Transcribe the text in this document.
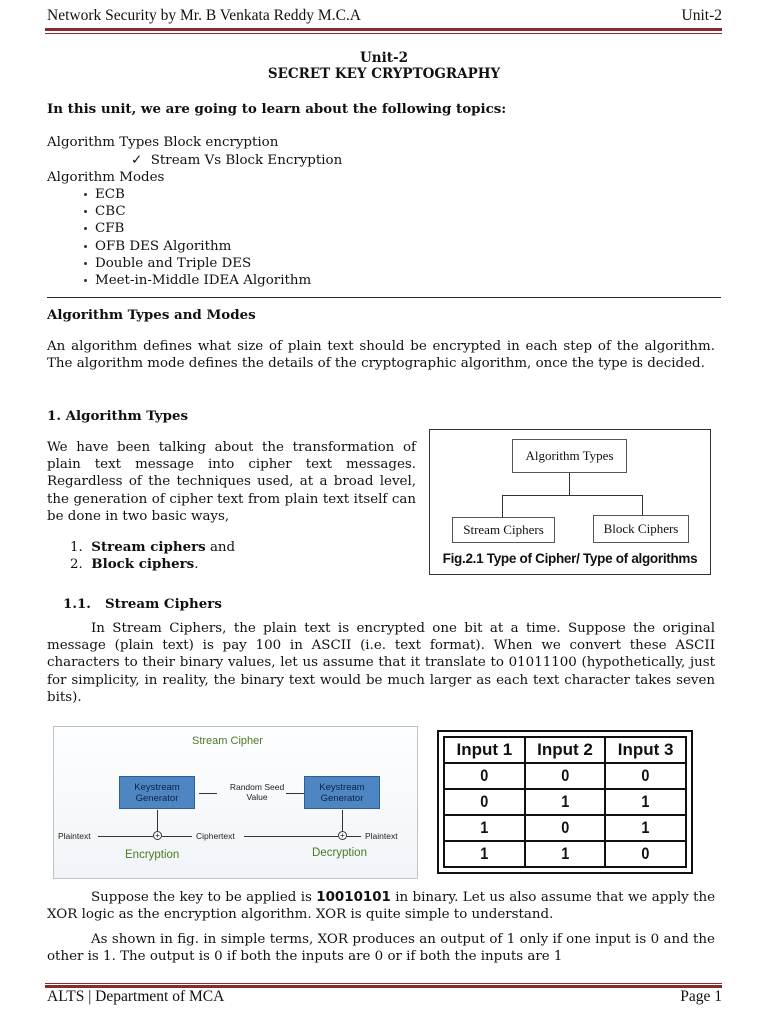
Network Security by Mr. B Venkata Reddy M.C.A	Unit-2
Unit-2
SECRET KEY CRYPTOGRAPHY
In this unit, we are going to learn about the following topics:
Algorithm Types Block encryption
✓ Stream Vs Block Encryption
Algorithm Modes
ECB
CBC
CFB
OFB DES Algorithm
Double and Triple DES
Meet-in-Middle IDEA Algorithm
Algorithm Types and Modes
An algorithm defines what size of plain text should be encrypted in each step of the algorithm. The algorithm mode defines the details of the cryptographic algorithm, once the type is decided.
1. Algorithm Types
We have been talking about the transformation of plain text message into cipher text messages. Regardless of the techniques used, at a broad level, the generation of cipher text from plain text itself can be done in two basic ways,
1. Stream ciphers and
2. Block ciphers.
Algorithm Types
Stream Ciphers	Block Ciphers
Fig.2.1 Type of Cipher/ Type of algorithms
1.1. Stream Ciphers
In Stream Ciphers, the plain text is encrypted one bit at a time. Suppose the original message (plain text) is pay 100 in ASCII (i.e. text format). When we convert these ASCII characters to their binary values, let us assume that it translate to 01011100 (hypothetically, just for simplicity, in reality, the binary text would be much larger as each text character takes seven bits).
Stream Cipher
Keystream Generator
Keystream Generator
Random Seed Value
Plaintext	+	Ciphertext	+ Plaintext
Encryption	Decryption
Input 1	Input 2	Input 3
0	0	0
0	1	1
1	0	1
1	1	0
Suppose the key to be applied is 10010101 in binary. Let us also assume that we apply the XOR logic as the encryption algorithm. XOR is quite simple to understand.
As shown in fig. in simple terms, XOR produces an output of 1 only if one input is 0 and the other is 1. The output is 0 if both the inputs are 0 or if both the inputs are 1
ALTS | Department of MCA	Page 1
